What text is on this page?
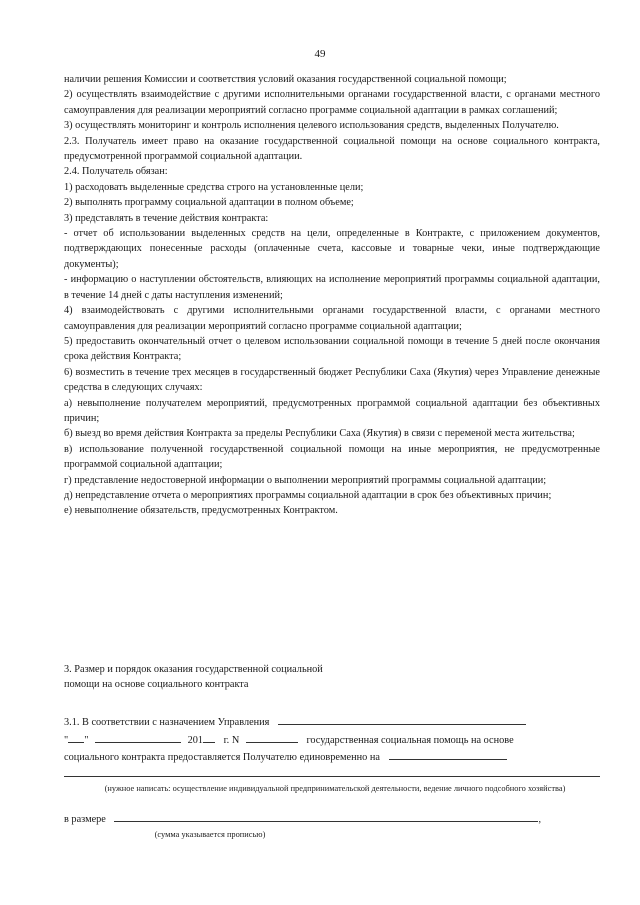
49

наличии решения Комиссии и соответствия условий оказания государственной социальной помощи;

2) осуществлять взаимодействие с другими исполнительными органами государственной власти, с органами местного самоуправления для реализации мероприятий согласно программе социальной адаптации в рамках соглашений;

3) осуществлять мониторинг и контроль исполнения целевого использования средств, выделенных Получателю.

2.3. Получатель имеет право на оказание государственной социальной помощи на основе социального контракта, предусмотренной программой социальной адаптации.

2.4. Получатель обязан:

1) расходовать выделенные средства строго на установленные цели;

2) выполнять программу социальной адаптации в полном объеме;

3) представлять в течение действия контракта:

- отчет об использовании выделенных средств на цели, определенные в Контракте, с приложением документов, подтверждающих понесенные расходы (оплаченные счета, кассовые и товарные чеки, иные подтверждающие документы);

- информацию о наступлении обстоятельств, влияющих на исполнение мероприятий программы социальной адаптации, в течение 14 дней с даты наступления изменений;

4) взаимодействовать с другими исполнительными органами государственной власти, с органами местного самоуправления для реализации мероприятий согласно программе социальной адаптации;

5) предоставить окончательный отчет о целевом использовании социальной помощи в течение 5 дней после окончания срока действия Контракта;

6) возместить в течение трех месяцев в государственный бюджет Республики Саха (Якутия) через Управление денежные средства в следующих случаях:

а) невыполнение получателем мероприятий, предусмотренных программой социальной адаптации без объективных причин;

б) выезд во время действия Контракта за пределы Республики Саха (Якутия) в связи с переменой места жительства;

в) использование полученной государственной социальной помощи на иные мероприятия, не предусмотренные программой социальной адаптации;

г) представление недостоверной информации о выполнении мероприятий программы социальной адаптации;

д) непредставление отчета о мероприятиях программы социальной адаптации в срок без объективных причин;

е) невыполнение обязательств, предусмотренных Контрактом.

3. Размер и порядок оказания государственной социальной

помощи на основе социального контракта

3.1. В соответствии с назначением Управления

" "	201 г. N	государственная социальная помощь на основе

социального контракта предоставляется Получателю единовременно на

(нужное написать: осуществление индивидуальной предпринимательской деятельности, ведение личного подсобного хозяйства)
в размере	,
(сумма указывается прописью)
